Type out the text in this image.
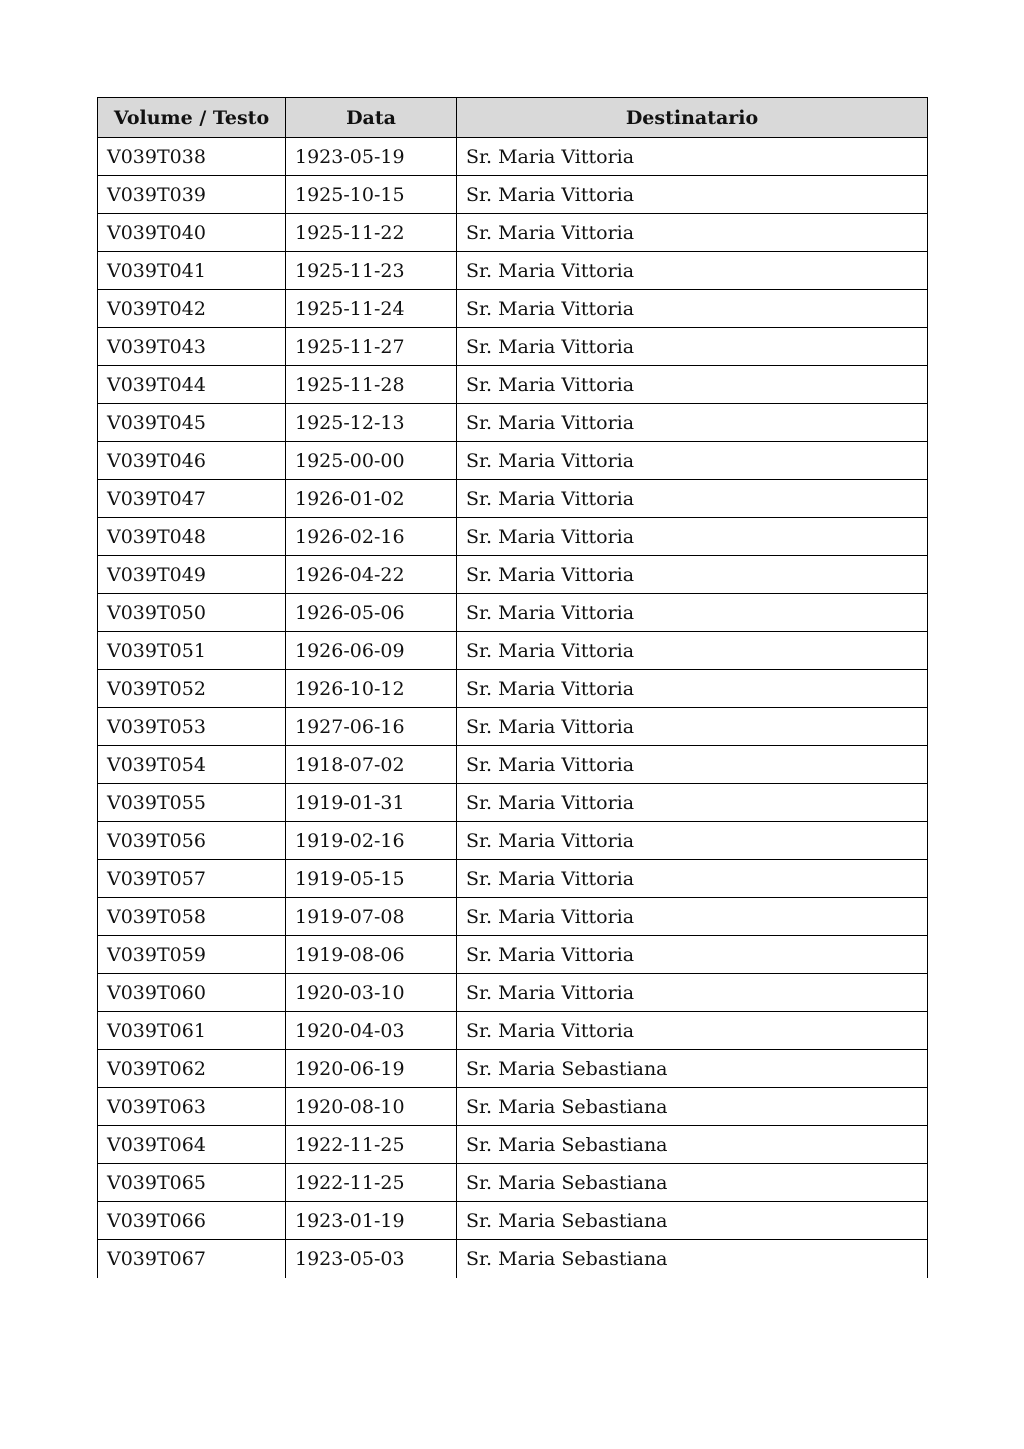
Volume / Testo	Data	Destinatario
V039T038	1923-05-19	Sr. Maria Vittoria
V039T039	1925-10-15	Sr. Maria Vittoria
V039T040	1925-11-22	Sr. Maria Vittoria
V039T041	1925-11-23	Sr. Maria Vittoria
V039T042	1925-11-24	Sr. Maria Vittoria
V039T043	1925-11-27	Sr. Maria Vittoria
V039T044	1925-11-28	Sr. Maria Vittoria
V039T045	1925-12-13	Sr. Maria Vittoria
V039T046	1925-00-00	Sr. Maria Vittoria
V039T047	1926-01-02	Sr. Maria Vittoria
V039T048	1926-02-16	Sr. Maria Vittoria
V039T049	1926-04-22	Sr. Maria Vittoria
V039T050	1926-05-06	Sr. Maria Vittoria
V039T051	1926-06-09	Sr. Maria Vittoria
V039T052	1926-10-12	Sr. Maria Vittoria
V039T053	1927-06-16	Sr. Maria Vittoria
V039T054	1918-07-02	Sr. Maria Vittoria
V039T055	1919-01-31	Sr. Maria Vittoria
V039T056	1919-02-16	Sr. Maria Vittoria
V039T057	1919-05-15	Sr. Maria Vittoria
V039T058	1919-07-08	Sr. Maria Vittoria
V039T059	1919-08-06	Sr. Maria Vittoria
V039T060	1920-03-10	Sr. Maria Vittoria
V039T061	1920-04-03	Sr. Maria Vittoria
V039T062	1920-06-19	Sr. Maria Sebastiana
V039T063	1920-08-10	Sr. Maria Sebastiana
V039T064	1922-11-25	Sr. Maria Sebastiana
V039T065	1922-11-25	Sr. Maria Sebastiana
V039T066	1923-01-19	Sr. Maria Sebastiana
V039T067	1923-05-03	Sr. Maria Sebastiana
